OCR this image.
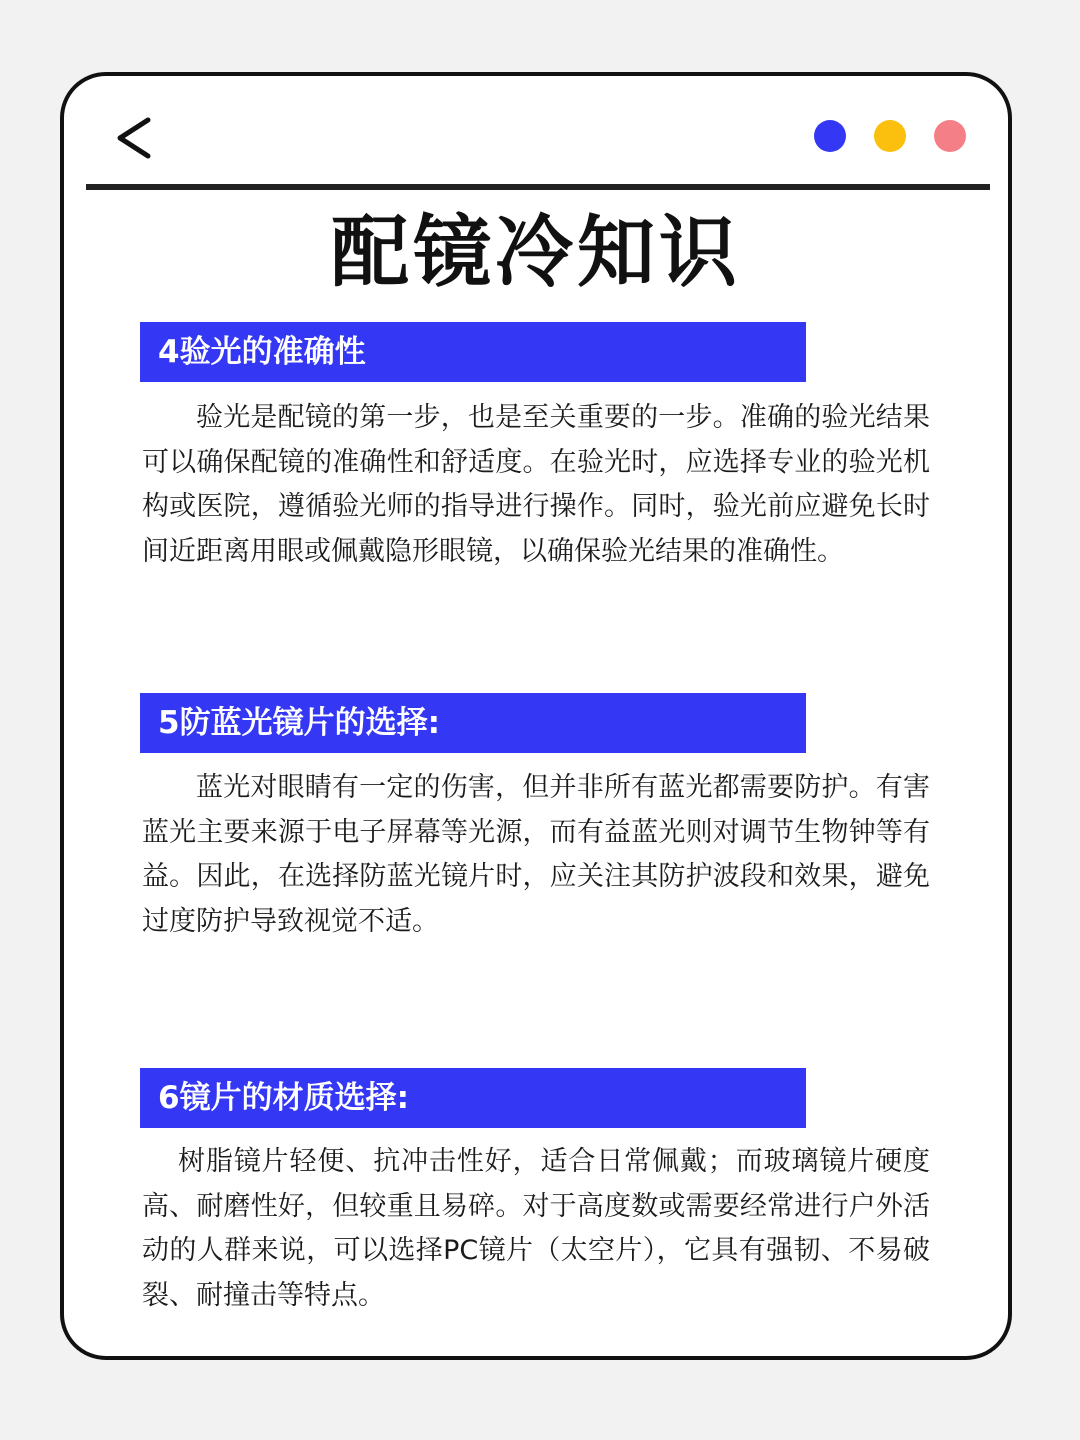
配镜冷知识
4验光的准确性

验光是配镜的第一步，也是至关重要的一步。准确的验光结果可以确保配镜的准确性和舒适度。在验光时，应选择专业的验光机构或医院，遵循验光师的指导进行操作。同时，验光前应避免长时间近距离用眼或佩戴隐形眼镜，以确保验光结果的准确性。

5防蓝光镜片的选择:

蓝光对眼睛有一定的伤害，但并非所有蓝光都需要防护。有害蓝光主要来源于电子屏幕等光源，而有益蓝光则对调节生物钟等有益。因此，在选择防蓝光镜片时，应关注其防护波段和效果，避免过度防护导致视觉不适。

6镜片的材质选择:

树脂镜片轻便、抗冲击性好，适合日常佩戴；而玻璃镜片硬度高、耐磨性好，但较重且易碎。对于高度数或需要经常进行户外活动的人群来说，可以选择PC镜片（太空片），它具有强韧、不易破裂、耐撞击等特点。
